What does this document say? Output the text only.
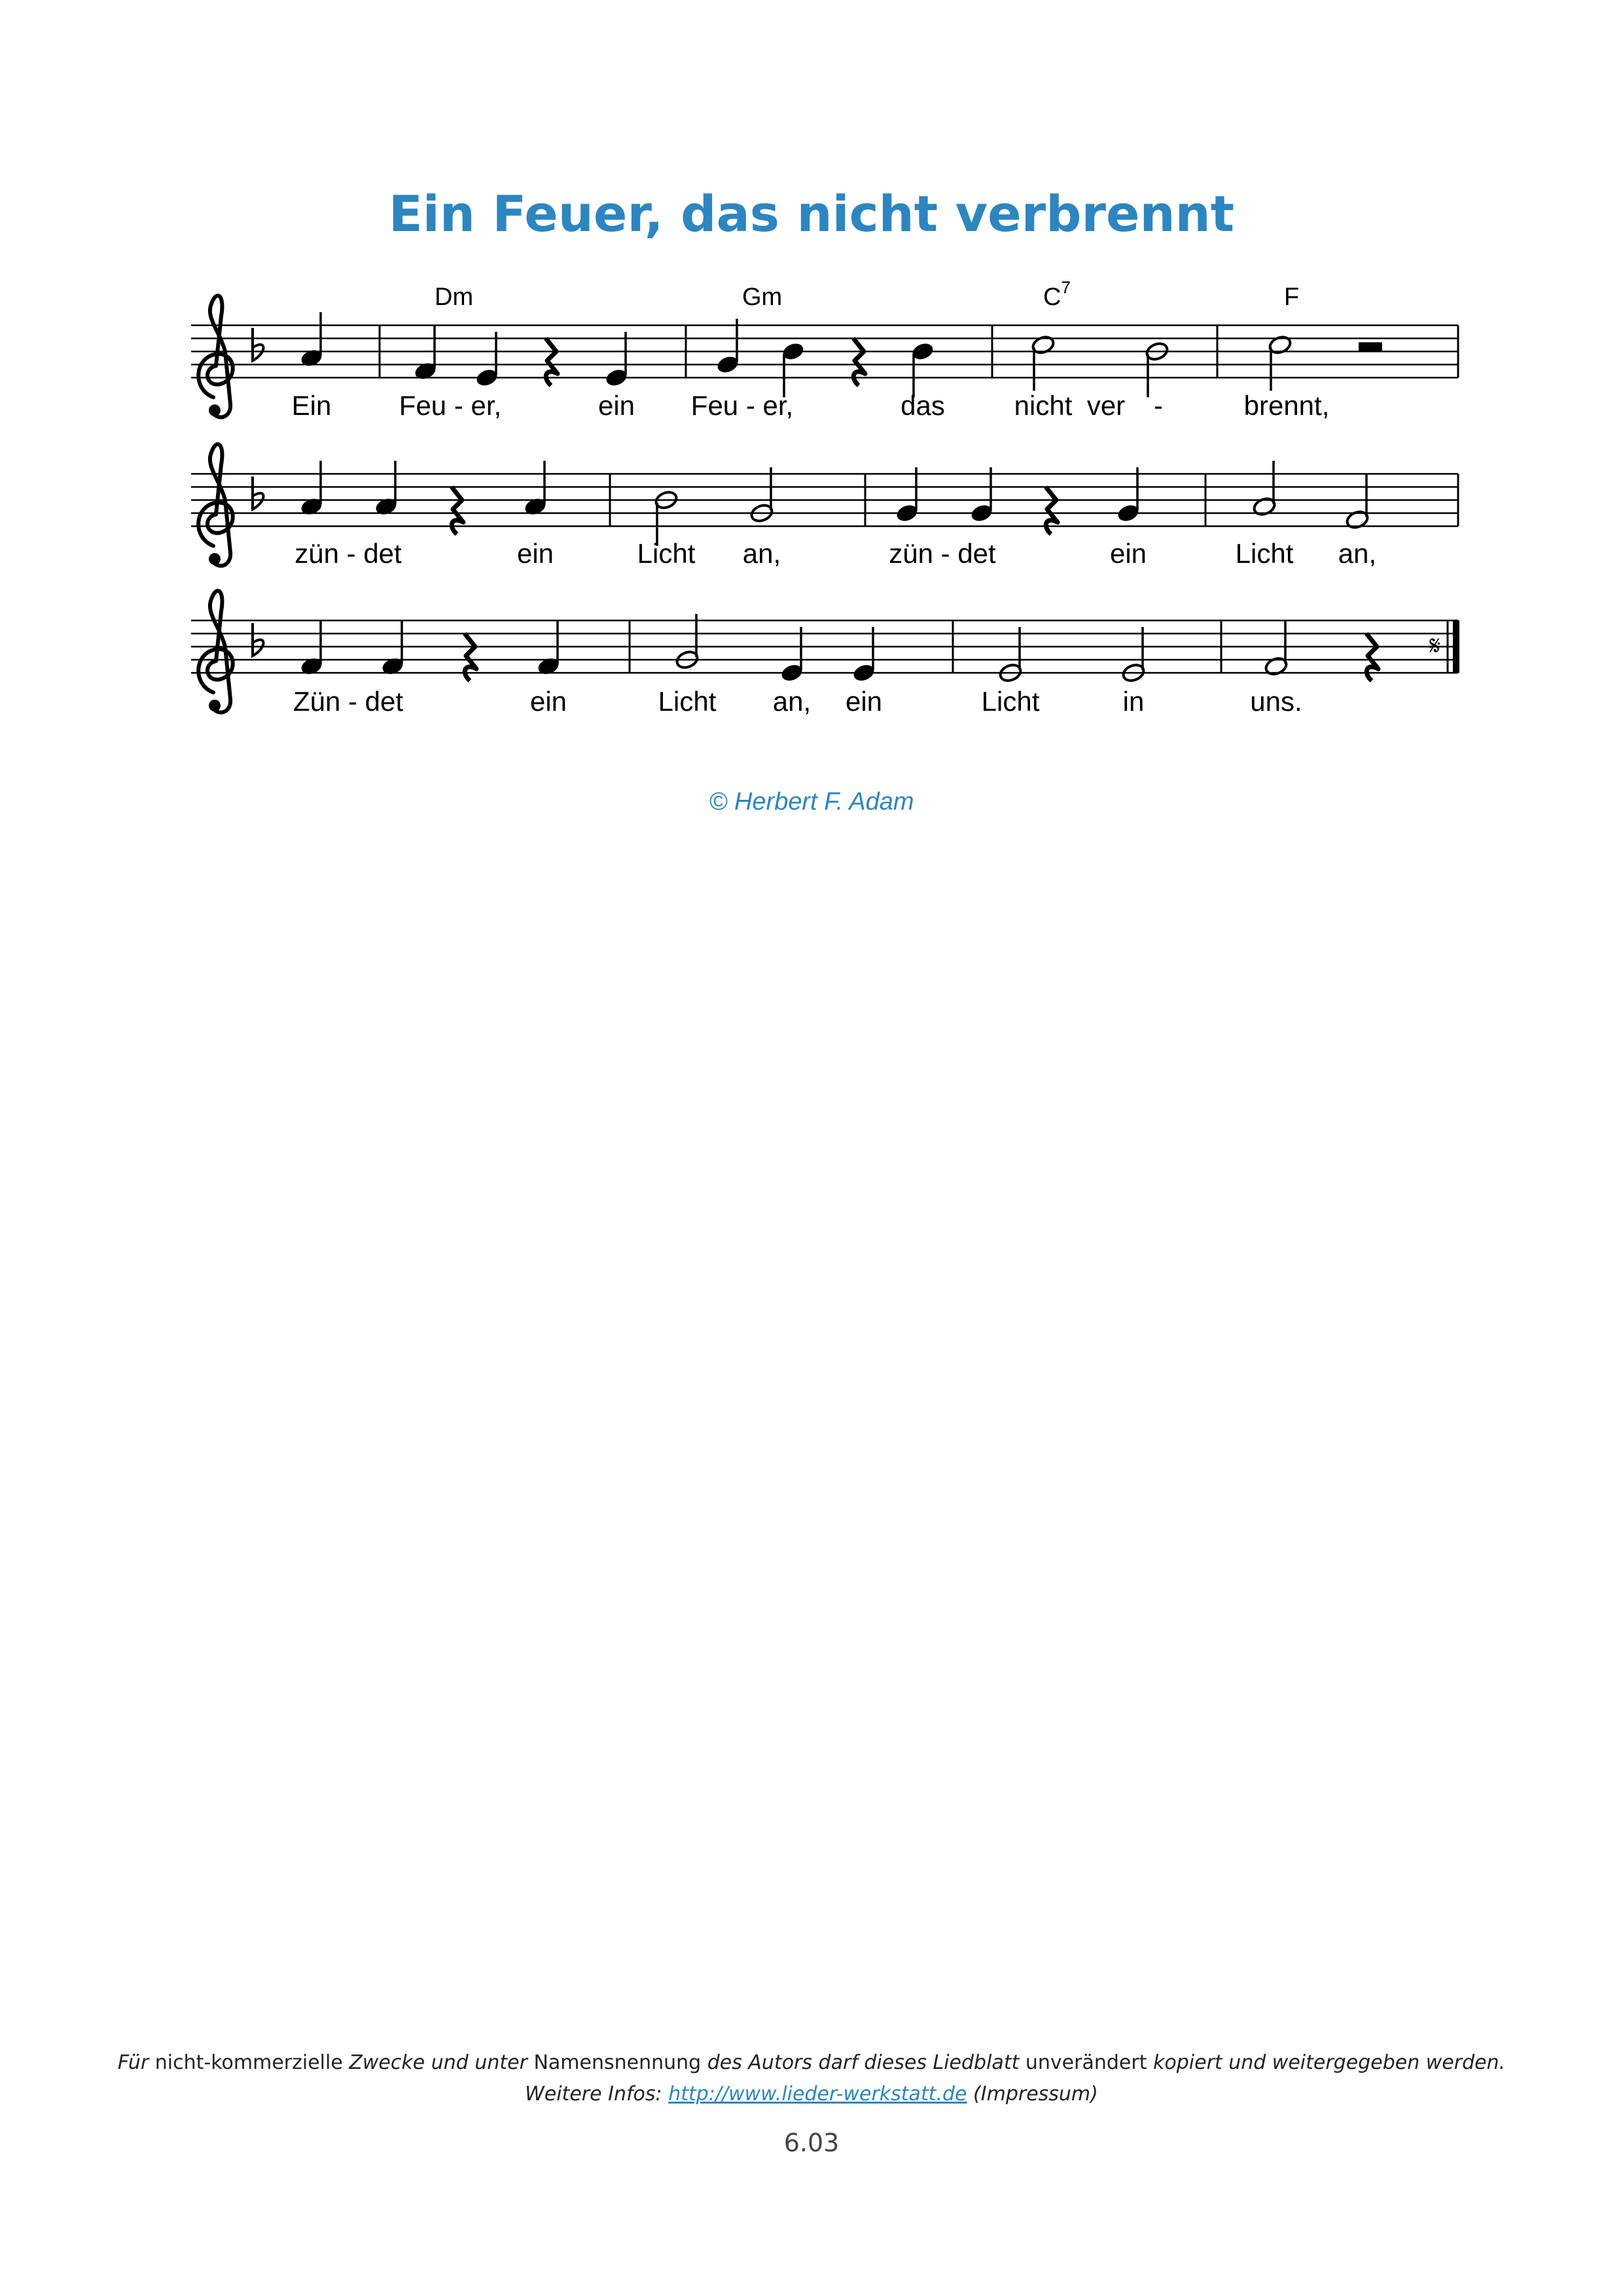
Ein Feuer, das nicht verbrennt
Dm	Gm	$C^7$	F
Ein Feu - er,	ein Feu - er,	das	nicht ver -	brennt,
zün - det	ein	Licht an,	zün - det	ein	Licht an,
𝄋
Zün - det	ein	Licht an, ein	Licht	in	uns.
© Herbert F. Adam
Für nicht-kommerzielle Zwecke und unter Namensnennung des Autors darf dieses Liedblatt unverändert kopiert und weitergegeben werden.
Weitere Infos: http://www.lieder-werkstatt.de (Impressum)
6.03
